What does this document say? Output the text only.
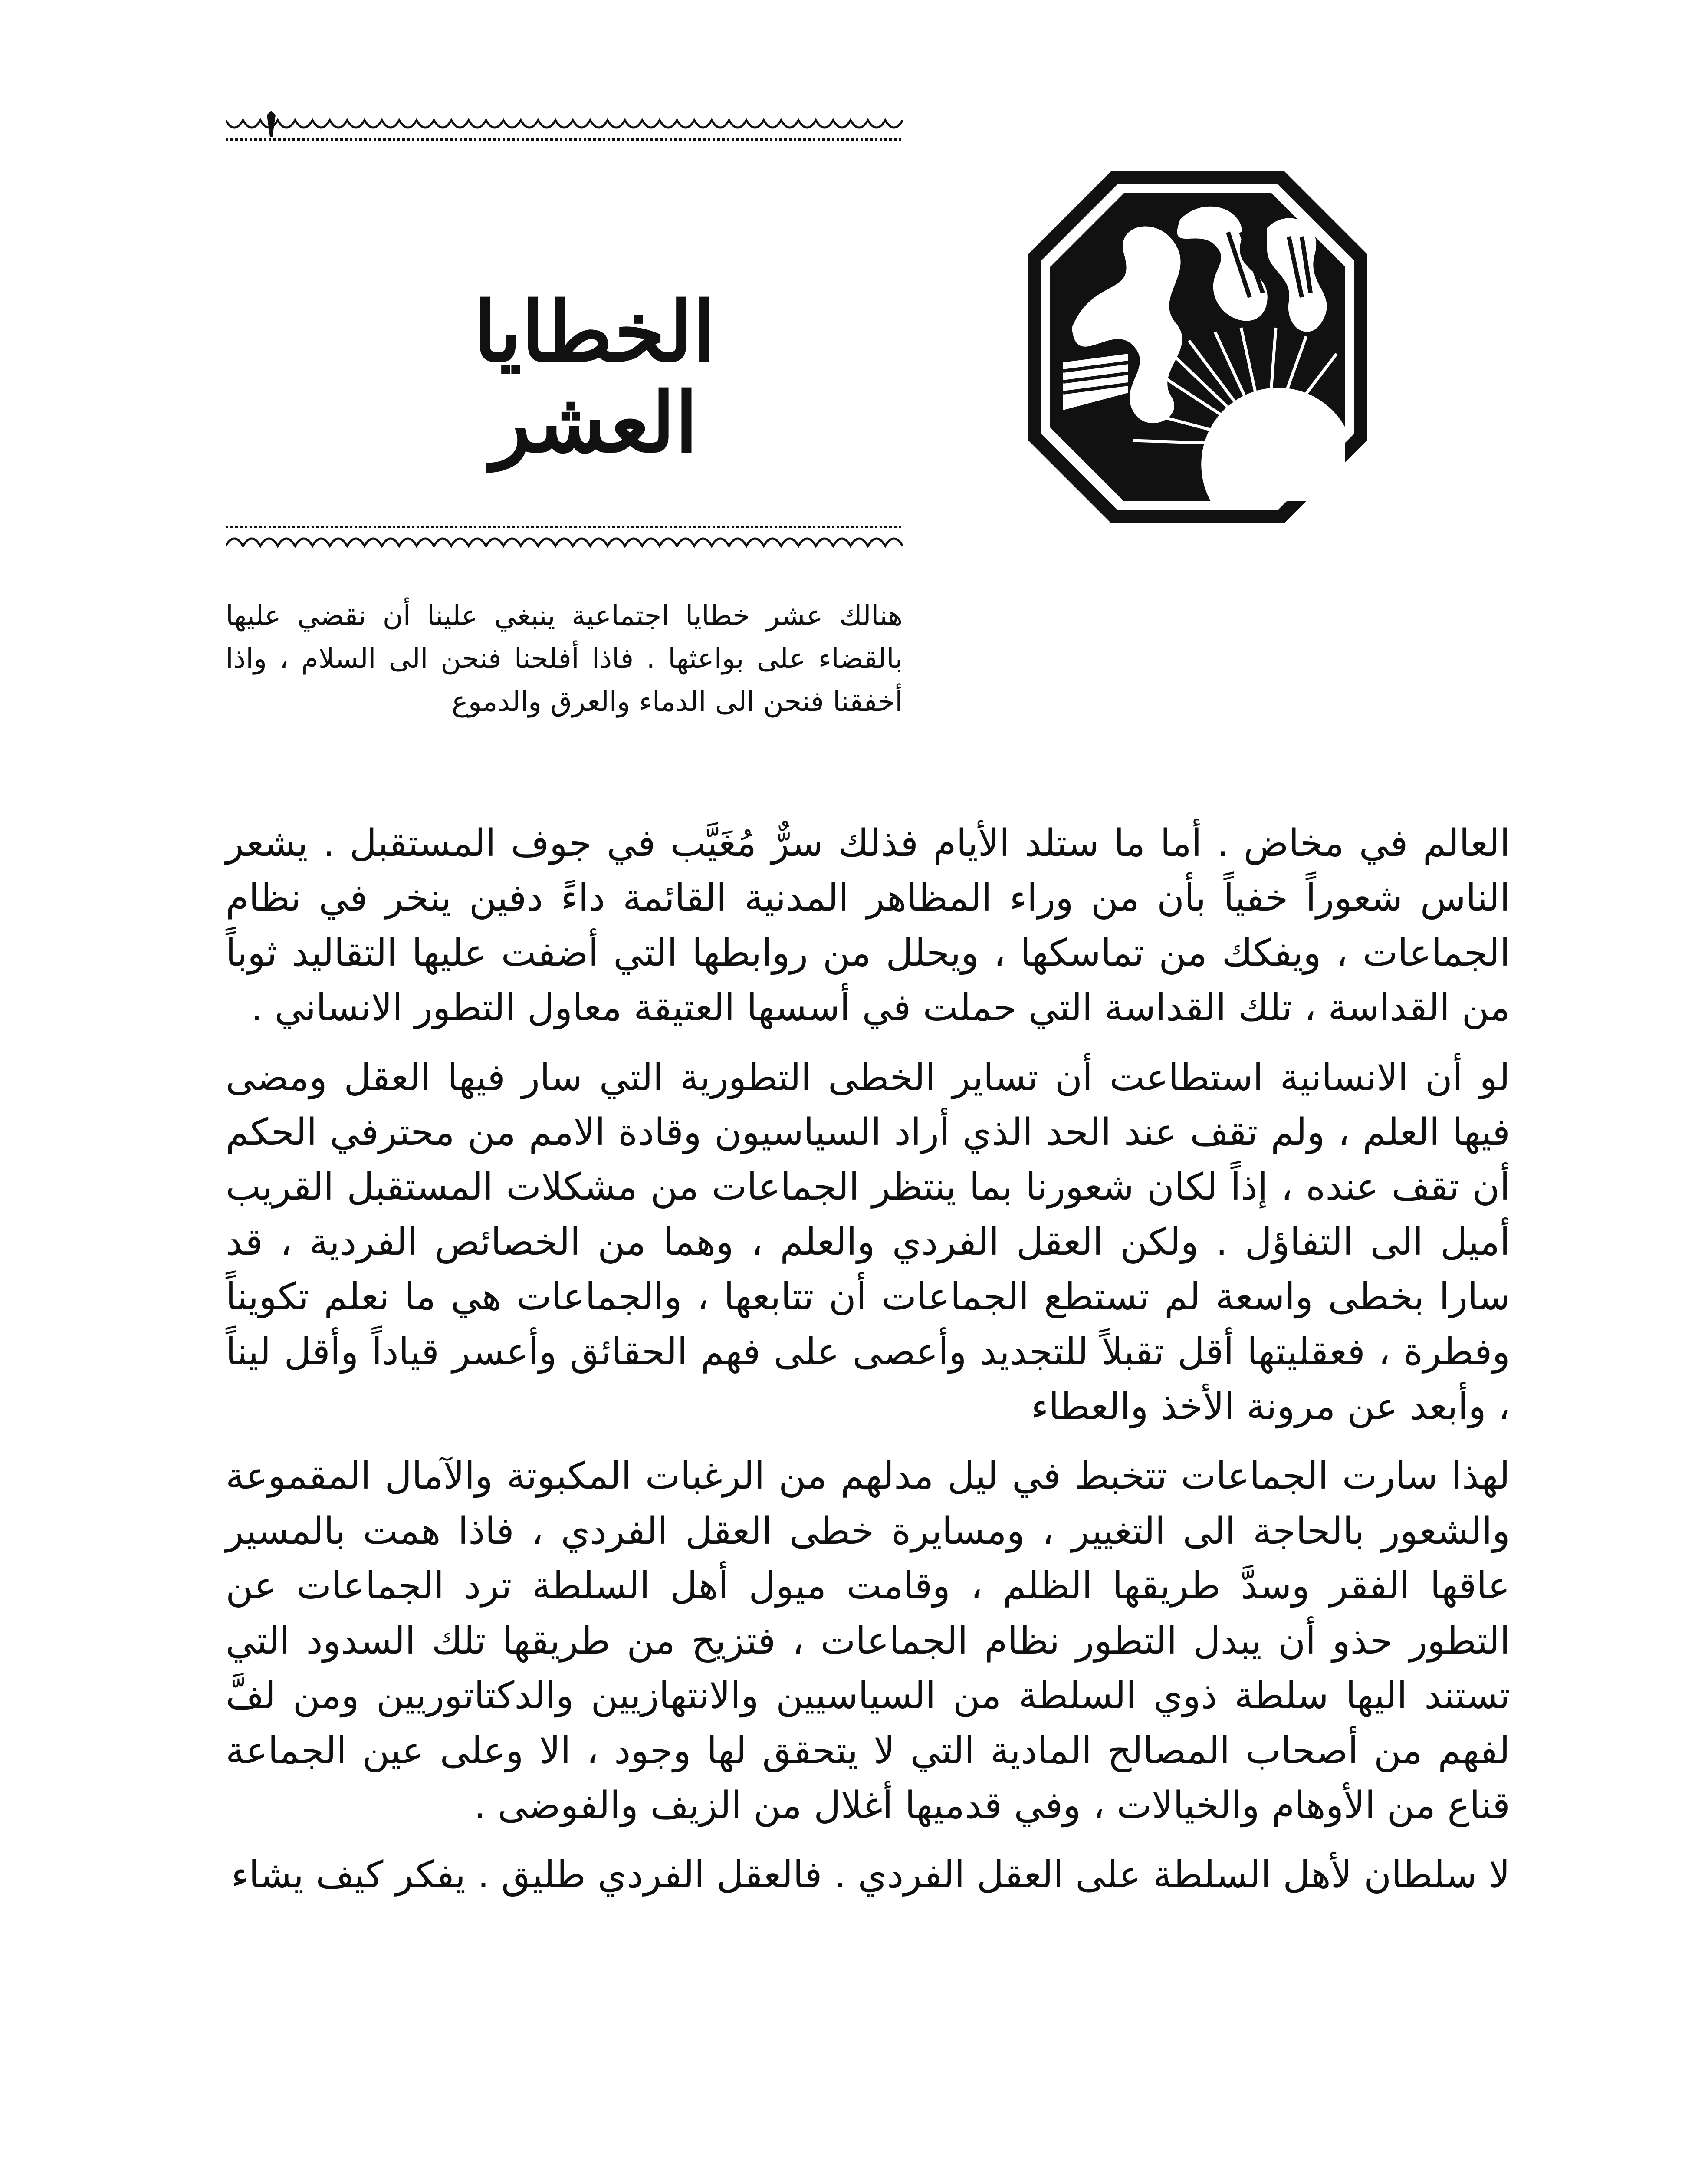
الخطايا العشر
هنالك عشر خطايا اجتماعية ينبغي علينا أن نقضي عليها بالقضاء على بواعثها . فاذا أفلحنا فنحن الى السلام ، واذا أخفقنا فنحن الى الدماء والعرق والدموع

العالم في مخاض . أما ما ستلد الأيام فذلك سرٌّ مُغَيَّب في جوف المستقبل . يشعر الناس شعوراً خفياً بأن من وراء المظاهر المدنية القائمة داءً دفين ينخر في نظام الجماعات ، ويفكك من تماسكها ، ويحلل من روابطها التي أضفت عليها التقاليد ثوباً من القداسة ، تلك القداسة التي حملت في أسسها العتيقة معاول التطور الانساني .

لو أن الانسانية استطاعت أن تساير الخطى التطورية التي سار فيها العقل ومضى فيها العلم ، ولم تقف عند الحد الذي أراد السياسيون وقادة الامم من محترفي الحكم أن تقف عنده ، إذاً لكان شعورنا بما ينتظر الجماعات من مشكلات المستقبل القريب أميل الى التفاؤل . ولكن العقل الفردي والعلم ، وهما من الخصائص الفردية ، قد سارا بخطى واسعة لم تستطع الجماعات أن تتابعها ، والجماعات هي ما نعلم تكويناً وفطرة ، فعقليتها أقل تقبلاً للتجديد وأعصى على فهم الحقائق وأعسر قياداً وأقل ليناً ، وأبعد عن مرونة الأخذ والعطاء

لهذا سارت الجماعات تتخبط في ليل مدلهم من الرغبات المكبوتة والآمال المقموعة والشعور بالحاجة الى التغيير ، ومسايرة خطى العقل الفردي ، فاذا همت بالمسير عاقها الفقر وسدَّ طريقها الظلم ، وقامت ميول أهل السلطة ترد الجماعات عن التطور حذو أن يبدل التطور نظام الجماعات ، فتزيح من طريقها تلك السدود التي تستند اليها سلطة ذوي السلطة من السياسيين والانتهازيين والدكتاتوريين ومن لفَّ لفهم من أصحاب المصالح المادية التي لا يتحقق لها وجود ، الا وعلى عين الجماعة قناع من الأوهام والخيالات ، وفي قدميها أغلال من الزيف والفوضى .

لا سلطان لأهل السلطة على العقل الفردي . فالعقل الفردي طليق . يفكر كيف يشاء
